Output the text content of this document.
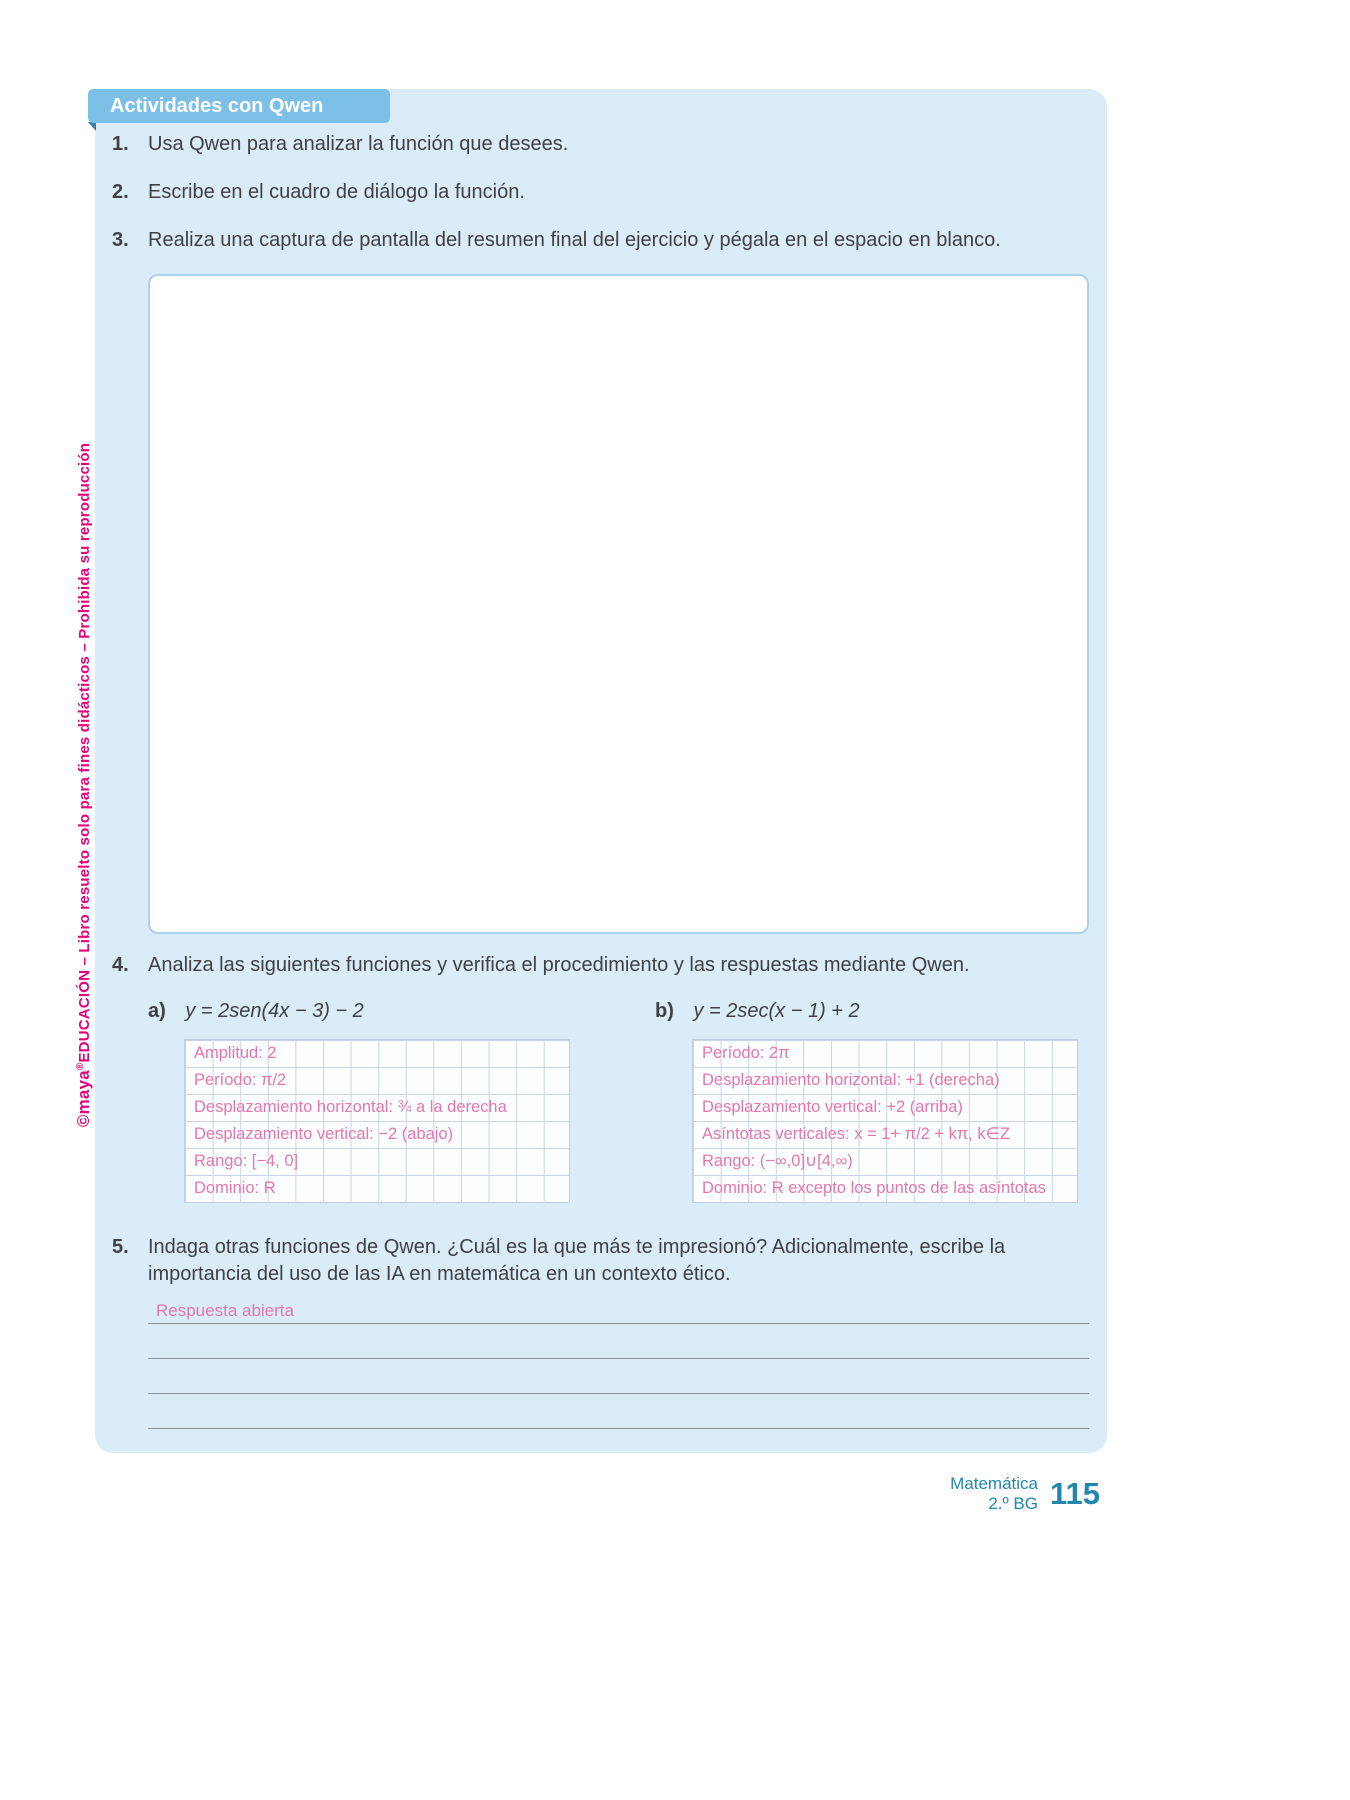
Actividades con Qwen
1. Usa Qwen para analizar la función que desees.
2. Escribe en el cuadro de diálogo la función.
3. Realiza una captura de pantalla del resumen final del ejercicio y pégala en el espacio en blanco.
4. Analiza las siguientes funciones y verifica el procedimiento y las respuestas mediante Qwen.
a) y = 2sen(4x − 3) − 2	b) y = 2sec(x − 1) + 2
Amplitud: 2
Período: π/2
Desplazamiento horizontal: ¾ a la derecha
Desplazamiento vertical: −2 (abajo)
Rango: [−4, 0]
Dominio: R
Período: 2π
Desplazamiento horizontal: +1 (derecha)
Desplazamiento vertical: +2 (arriba)
Asíntotas verticales: x = 1+ π/2 + kπ, k∈Z
Rango: (−∞,0]∪[4,∞)
Dominio: R excepto los puntos de las asíntotas
5. Indaga otras funciones de Qwen. ¿Cuál es la que más te impresionó? Adicionalmente, escribe la importancia del uso de las IA en matemática en un contexto ético.
Respuesta abierta
Matemática
2.º BG 115
©maya®EDUCACIÓN – Libro resuelto solo para fines didácticos – Prohibida su reproducción
